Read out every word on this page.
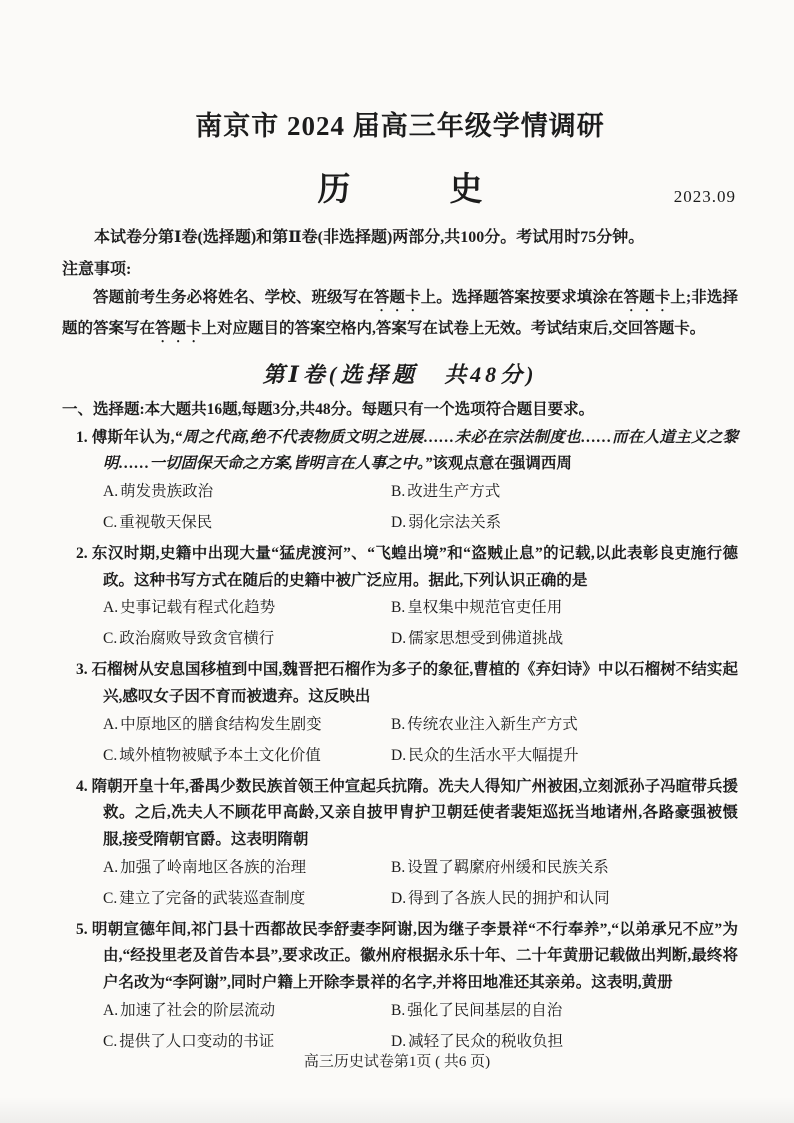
南京市 2024 届高三年级学情调研
历　　　史	2023.09

本试卷分第Ⅰ卷(选择题)和第Ⅱ卷(非选择题)两部分,共100分。考试用时75分钟。

注意事项:

答题前考生务必将姓名、学校、班级写在答题卡上。选择题答案按要求填涂在答题卡上;非选择题的答案写在答题卡上对应题目的答案空格内,答案写在试卷上无效。考试结束后,交回答题卡。

第Ⅰ卷(选择题　共48分)

一、选择题:本大题共16题,每题3分,共48分。每题只有一个选项符合题目要求。

1. 傅斯年认为,“周之代商,绝不代表物质文明之进展……未必在宗法制度也……而在人道主义之黎明……一切固保天命之方案,皆明言在人事之中。”该观点意在强调西周

A. 萌发贵族政治	B. 改进生产方式
C. 重视敬天保民	D. 弱化宗法关系

2. 东汉时期,史籍中出现大量“猛虎渡河”、“飞蝗出境”和“盗贼止息”的记载,以此表彰良吏施行德政。这种书写方式在随后的史籍中被广泛应用。据此,下列认识正确的是

A. 史事记载有程式化趋势	B. 皇权集中规范官吏任用
C. 政治腐败导致贪官横行	D. 儒家思想受到佛道挑战

3. 石榴树从安息国移植到中国,魏晋把石榴作为多子的象征,曹植的《弃妇诗》中以石榴树不结实起兴,感叹女子因不育而被遗弃。这反映出

A. 中原地区的膳食结构发生剧变	B. 传统农业注入新生产方式
C. 域外植物被赋予本土文化价值	D. 民众的生活水平大幅提升

4. 隋朝开皇十年,番禺少数民族首领王仲宣起兵抗隋。冼夫人得知广州被困,立刻派孙子冯暄带兵援救。之后,冼夫人不顾花甲高龄,又亲自披甲胄护卫朝廷使者裴矩巡抚当地诸州,各路豪强被慑服,接受隋朝官爵。这表明隋朝

A. 加强了岭南地区各族的治理	B. 设置了羁縻府州缓和民族关系
C. 建立了完备的武装巡查制度	D. 得到了各族人民的拥护和认同

5. 明朝宣德年间,祁门县十西都故民李舒妻李阿谢,因为继子李景祥“不行奉养”,“以弟承兄不应”为由,“经投里老及首告本县”,要求改正。徽州府根据永乐十年、二十年黄册记载做出判断,最终将户名改为“李阿谢”,同时户籍上开除李景祥的名字,并将田地准还其亲弟。这表明,黄册

A. 加速了社会的阶层流动	B. 强化了民间基层的自治
C. 提供了人口变动的书证	D. 减轻了民众的税收负担
高三历史试卷第1页 ( 共6 页)
